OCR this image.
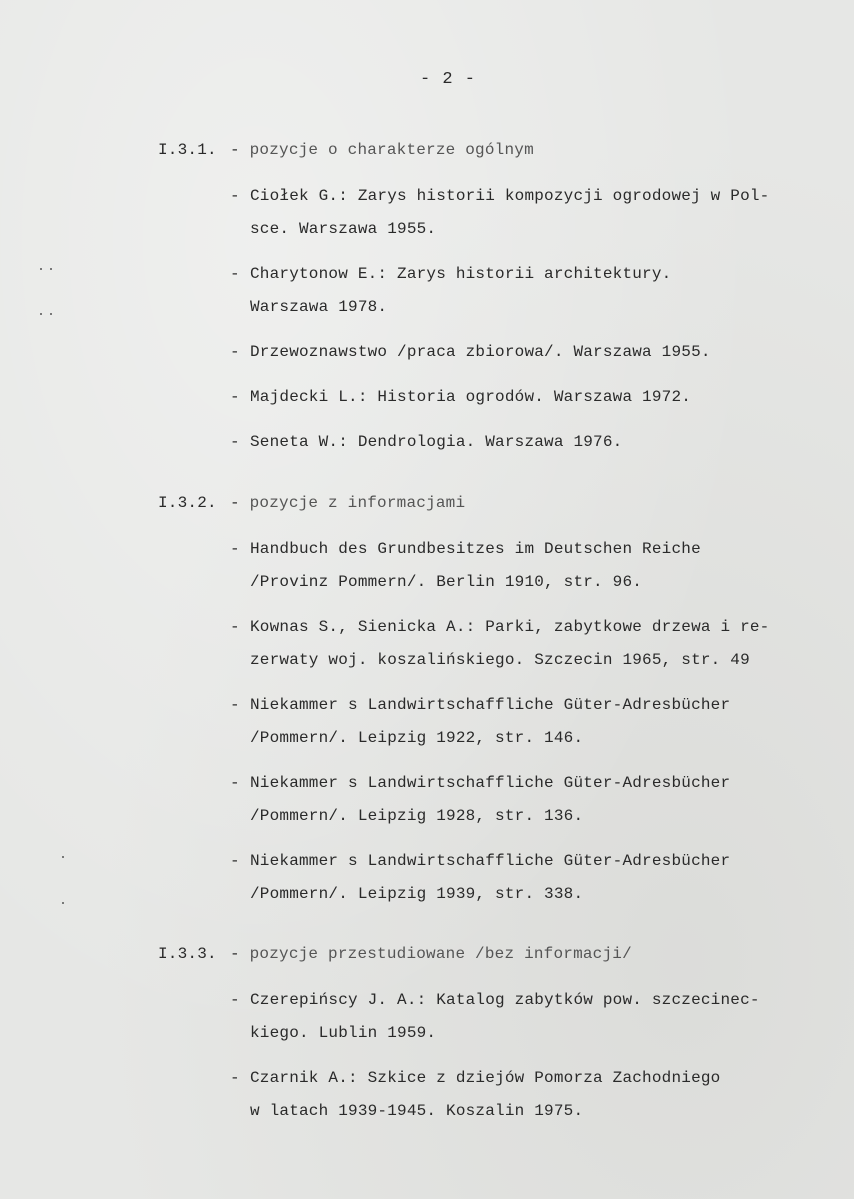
- 2 -
I.3.1. - pozycje o charakterze ogólnym
- Ciołek G.: Zarys historii kompozycji ogrodowej w Pol-
sce. Warszawa 1955.
- Charytonow E.: Zarys historii architektury.
Warszawa 1978.
- Drzewoznawstwo /praca zbiorowa/. Warszawa 1955.
- Majdecki L.: Historia ogrodów. Warszawa 1972.
- Seneta W.: Dendrologia. Warszawa 1976.
I.3.2. - pozycje z informacjami
- Handbuch des Grundbesitzes im Deutschen Reiche
/Provinz Pommern/. Berlin 1910, str. 96.
- Kownas S., Sienicka A.: Parki, zabytkowe drzewa i re-
zerwaty woj. koszalińskiego. Szczecin 1965, str. 49
- Niekammer s Landwirtschaffliche Güter-Adresbücher
/Pommern/. Leipzig 1922, str. 146.
- Niekammer s Landwirtschaffliche Güter-Adresbücher
/Pommern/. Leipzig 1928, str. 136.
- Niekammer s Landwirtschaffliche Güter-Adresbücher
/Pommern/. Leipzig 1939, str. 338.
I.3.3. - pozycje przestudiowane /bez informacji/
- Czerepińscy J. A.: Katalog zabytków pow. szczecinec-
kiego. Lublin 1959.
- Czarnik A.: Szkice z dziejów Pomorza Zachodniego
w latach 1939-1945. Koszalin 1975.
